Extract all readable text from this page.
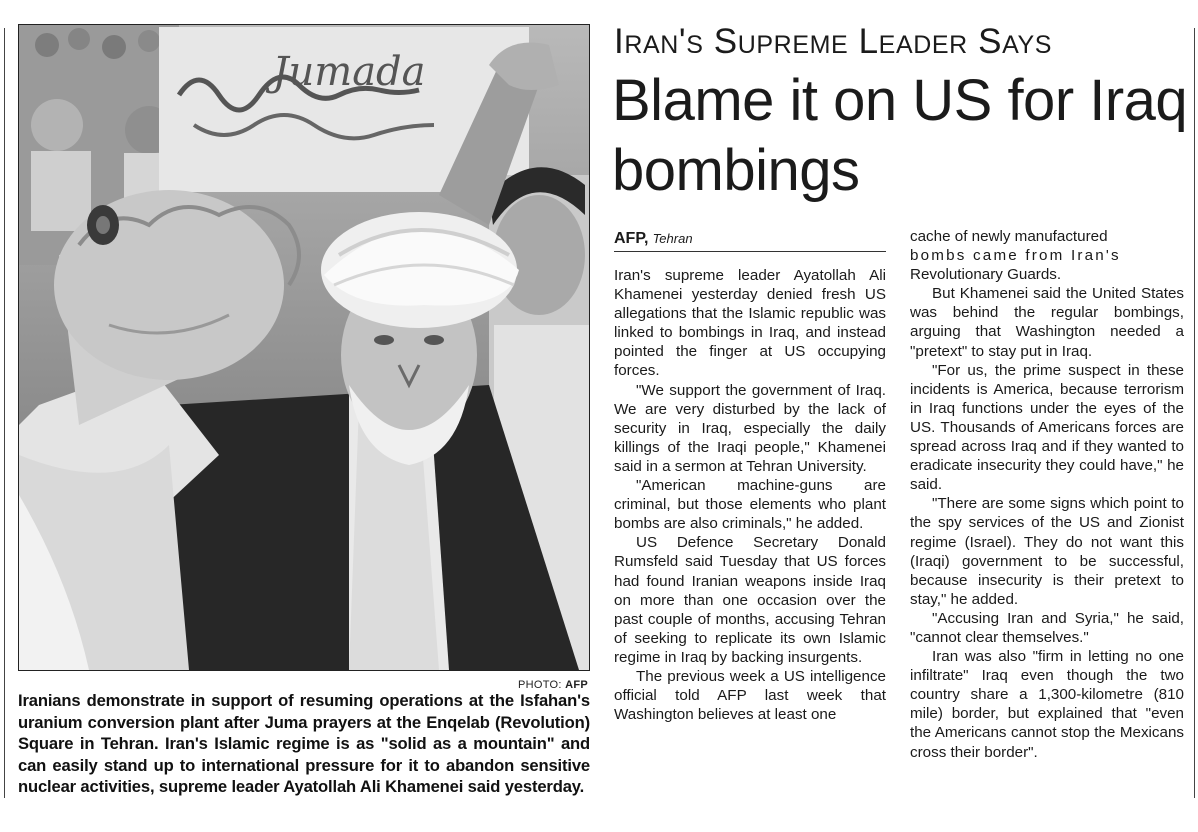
Jumada
PHOTO: AFP
Iranians demonstrate in support of resuming operations at the Isfahan's uranium conversion plant after Juma prayers at the Enqelab (Revolution) Square in Tehran. Iran's Islamic regime is as "solid as a mountain" and can easily stand up to international pressure for it to abandon sensitive nuclear activities, supreme leader Ayatollah Ali Khamenei said yesterday.
Iran's Supreme Leader Says
Blame it on US for Iraq bombings
AFP, Tehran

Iran's supreme leader Ayatollah Ali Khamenei yesterday denied fresh US allegations that the Islamic republic was linked to bombings in Iraq, and instead pointed the finger at US occupying forces.

"We support the government of Iraq. We are very disturbed by the lack of security in Iraq, especially the daily killings of the Iraqi people," Khamenei said in a sermon at Tehran University.

"American machine-guns are criminal, but those elements who plant bombs are also criminals," he added.

US Defence Secretary Donald Rumsfeld said Tuesday that US forces had found Iranian weapons inside Iraq on more than one occasion over the past couple of months, accusing Tehran of seeking to replicate its own Islamic regime in Iraq by backing insurgents.

The previous week a US intelligence official told AFP last week that Washington believes at least one

cache of newly manufactured

bombs came from Iran's

Revolutionary Guards.

But Khamenei said the United States was behind the regular bombings, arguing that Washington needed a "pretext" to stay put in Iraq.

"For us, the prime suspect in these incidents is America, because terrorism in Iraq functions under the eyes of the US. Thousands of Americans forces are spread across Iraq and if they wanted to eradicate insecurity they could have," he said.

"There are some signs which point to the spy services of the US and Zionist regime (Israel). They do not want this (Iraqi) government to be successful, because insecurity is their pretext to stay," he added.

"Accusing Iran and Syria," he said, "cannot clear themselves."

Iran was also "firm in letting no one infiltrate" Iraq even though the two country share a 1,300-kilometre (810 mile) border, but explained that "even the Americans cannot stop the Mexicans cross their border".
